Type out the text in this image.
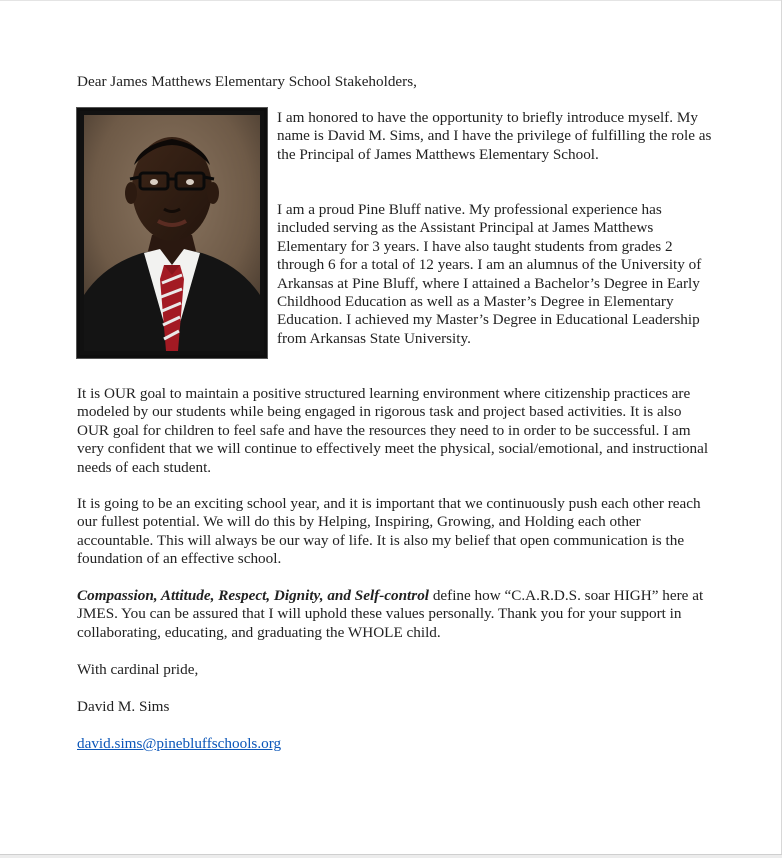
Dear James Matthews Elementary School Stakeholders,

I am honored to have the opportunity to briefly introduce myself. My name is David M. Sims, and I have the privilege of fulfilling the role as the Principal of James Matthews Elementary School.

I am a proud Pine Bluff native. My professional experience has included serving as the Assistant Principal at James Matthews Elementary for 3 years. I have also taught students from grades 2 through 6 for a total of 12 years. I am an alumnus of the University of Arkansas at Pine Bluff, where I attained a Bachelor’s Degree in Early Childhood Education as well as a Master’s Degree in Elementary Education. I achieved my Master’s Degree in Educational Leadership from Arkansas State University.

It is OUR goal to maintain a positive structured learning environment where citizenship practices are modeled by our students while being engaged in rigorous task and project based activities. It is also OUR goal for children to feel safe and have the resources they need to in order to be successful. I am very confident that we will continue to effectively meet the physical, social/emotional, and instructional needs of each student.

It is going to be an exciting school year, and it is important that we continuously push each other reach our fullest potential. We will do this by Helping, Inspiring, Growing, and Holding each other accountable. This will always be our way of life. It is also my belief that open communication is the foundation of an effective school.

Compassion, Attitude, Respect, Dignity, and Self-control define how “C.A.R.D.S. soar HIGH” here at JMES. You can be assured that I will uphold these values personally. Thank you for your support in collaborating, educating, and graduating the WHOLE child.

With cardinal pride,

David M. Sims

david.sims@pinebluffschools.org
